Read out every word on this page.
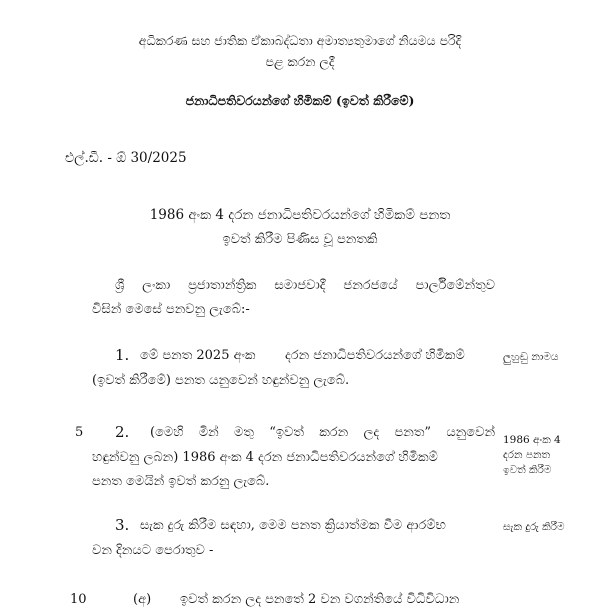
අධිකරණ සහ ජාතික ඒකාබද්ධතා අමාත්‍යතුමාගේ නියමය පරිදි
පළ කරන ලදී
ජනාධිපතිවරයන්ගේ හිමිකම් (ඉවත් කිරීමේ)
එල්.ඩී. - ඕ 30/2025
1986 අංක 4 දරන ජනාධිපතිවරයන්ගේ හිමිකම් පනත
ඉවත් කිරීම පිණිස වූ පනතකි
ශ්‍රී ලංකා ප්‍රජාතාන්ත්‍රික සමාජවාදී ජනරජයේ පාර්ලිමේන්තුව
විසින් මෙසේ පනවනු ලැබේ:-
1. මේ පනත 2025 අංක දරන ජනාධිපතිවරයන්ගේ හිමිකම්
(ඉවත් කිරීමේ) පනත යනුවෙන් හඳුන්වනු ලැබේ.
ලුහුඬු නාමය
5 2. (මෙහි මින් මතු “ඉවත් කරන ලද පනත” යනුවෙන්
හඳුන්වනු ලබන) 1986 අංක 4 දරන ජනාධිපතිවරයන්ගේ හිමිකම්
පනත මෙයින් ඉවත් කරනු ලැබේ.
1986 අංක 4 දරන පනත ඉවත් කිරීම
3. සැක දුරු කිරීම සඳහා, මෙම පනත ක්‍රියාත්මක වීම ආරම්භ
වන දිනයට පෙරාතුව -
සැක දුරු කිරීම
10	(අ) ඉවත් කරන ලද පනතේ 2 වන වගන්තියේ විධිවිධාන
